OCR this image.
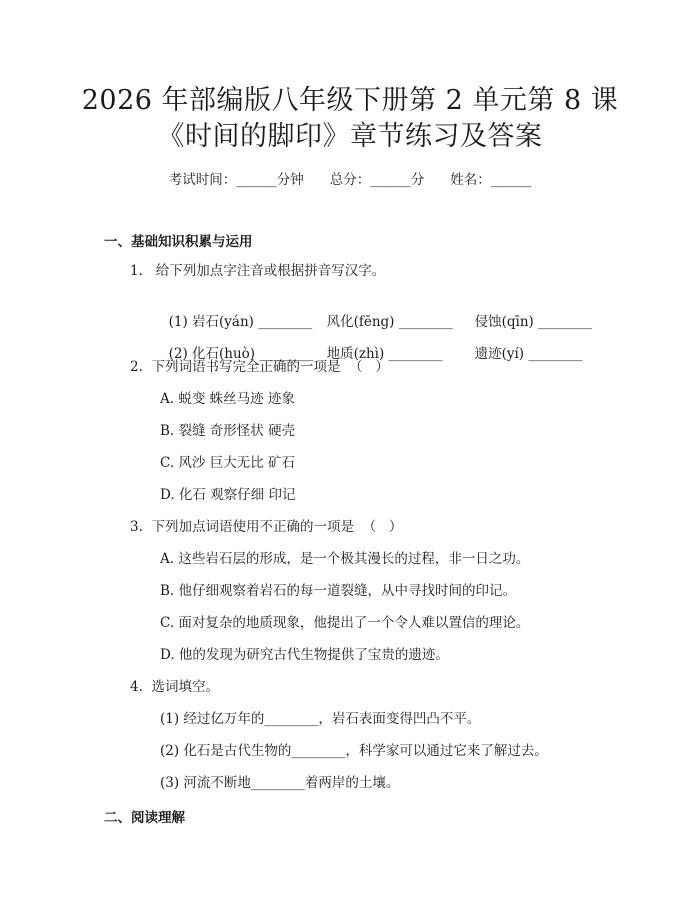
2026 年部编版八年级下册第 2 单元第 8 课
《时间的脚印》章节练习及答案
考试时间：______分钟 总分：______分 姓名：______
一、基础知识积累与运用
1.   给下列加点字注音或根据拼音写汉字。

(1) 岩石(yán) ________ 风化(fēng) ________ 侵蚀(qīn) ________

(2) 化石(huò) ________ 地质(zhì) ________ 遗迹(yí) ________

2.  下列词语书写完全正确的一项是  （   ）
A. 蜕变 蛛丝马迹 迹象
B. 裂缝 奇形怪状 硬壳
C. 风沙 巨大无比 矿石
D. 化石 观察仔细 印记
3.  下列加点词语使用不正确的一项是  （   ）
A. 这些岩石层的形成，是一个极其漫长的过程，非一日之功。
B. 他仔细观察着岩石的每一道裂缝，从中寻找时间的印记。
C. 面对复杂的地质现象，他提出了一个令人难以置信的理论。
D. 他的发现为研究古代生物提供了宝贵的遗迹。
4.  选词填空。
(1) 经过亿万年的________，岩石表面变得凹凸不平。
(2) 化石是古代生物的________，科学家可以通过它来了解过去。
(3) 河流不断地________着两岸的土壤。
二、阅读理解
